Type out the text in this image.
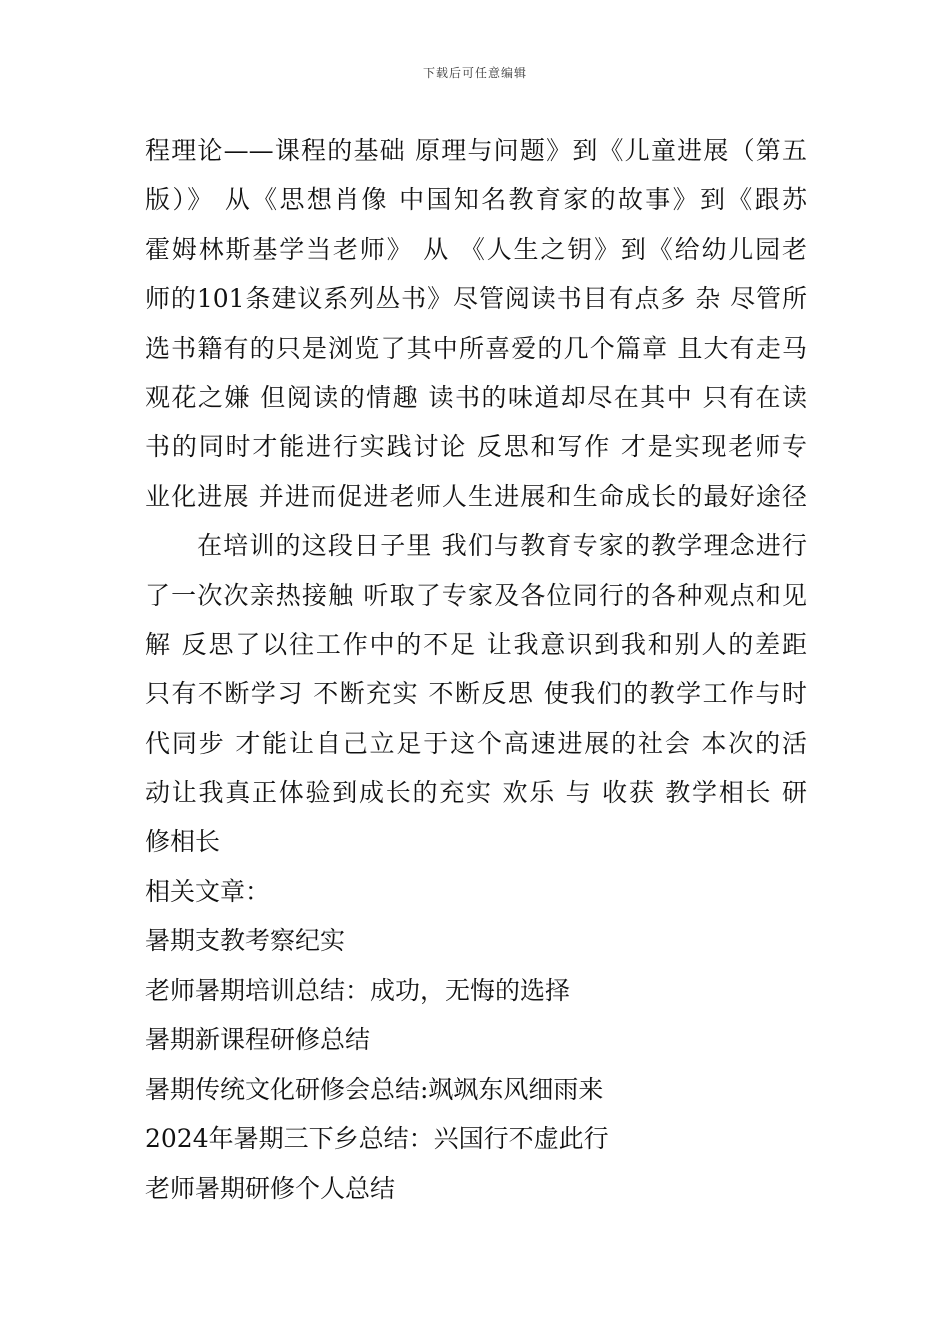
下载后可任意编辑
程理论——课程的基础 原理与问题》到《儿童进展（第五
版）》 从《思想肖像 中国知名教育家的故事》到《跟苏
霍姆林斯基学当老师》 从 《人生之钥》到《给幼儿园老
师的101条建议系列丛书》尽管阅读书目有点多 杂 尽管所
选书籍有的只是浏览了其中所喜爱的几个篇章 且大有走马
观花之嫌 但阅读的情趣 读书的味道却尽在其中 只有在读
书的同时才能进行实践讨论 反思和写作 才是实现老师专
业化进展 并进而促进老师人生进展和生命成长的最好途径
在培训的这段日子里 我们与教育专家的教学理念进行
了一次次亲热接触 听取了专家及各位同行的各种观点和见
解 反思了以往工作中的不足 让我意识到我和别人的差距
只有不断学习 不断充实 不断反思 使我们的教学工作与时
代同步 才能让自己立足于这个高速进展的社会 本次的活
动让我真正体验到成长的充实 欢乐 与 收获 教学相长 研
修相长
相关文章：
暑期支教考察纪实
老师暑期培训总结：成功，无悔的选择
暑期新课程研修总结
暑期传统文化研修会总结:飒飒东风细雨来
2024年暑期三下乡总结：兴国行不虚此行
老师暑期研修个人总结
